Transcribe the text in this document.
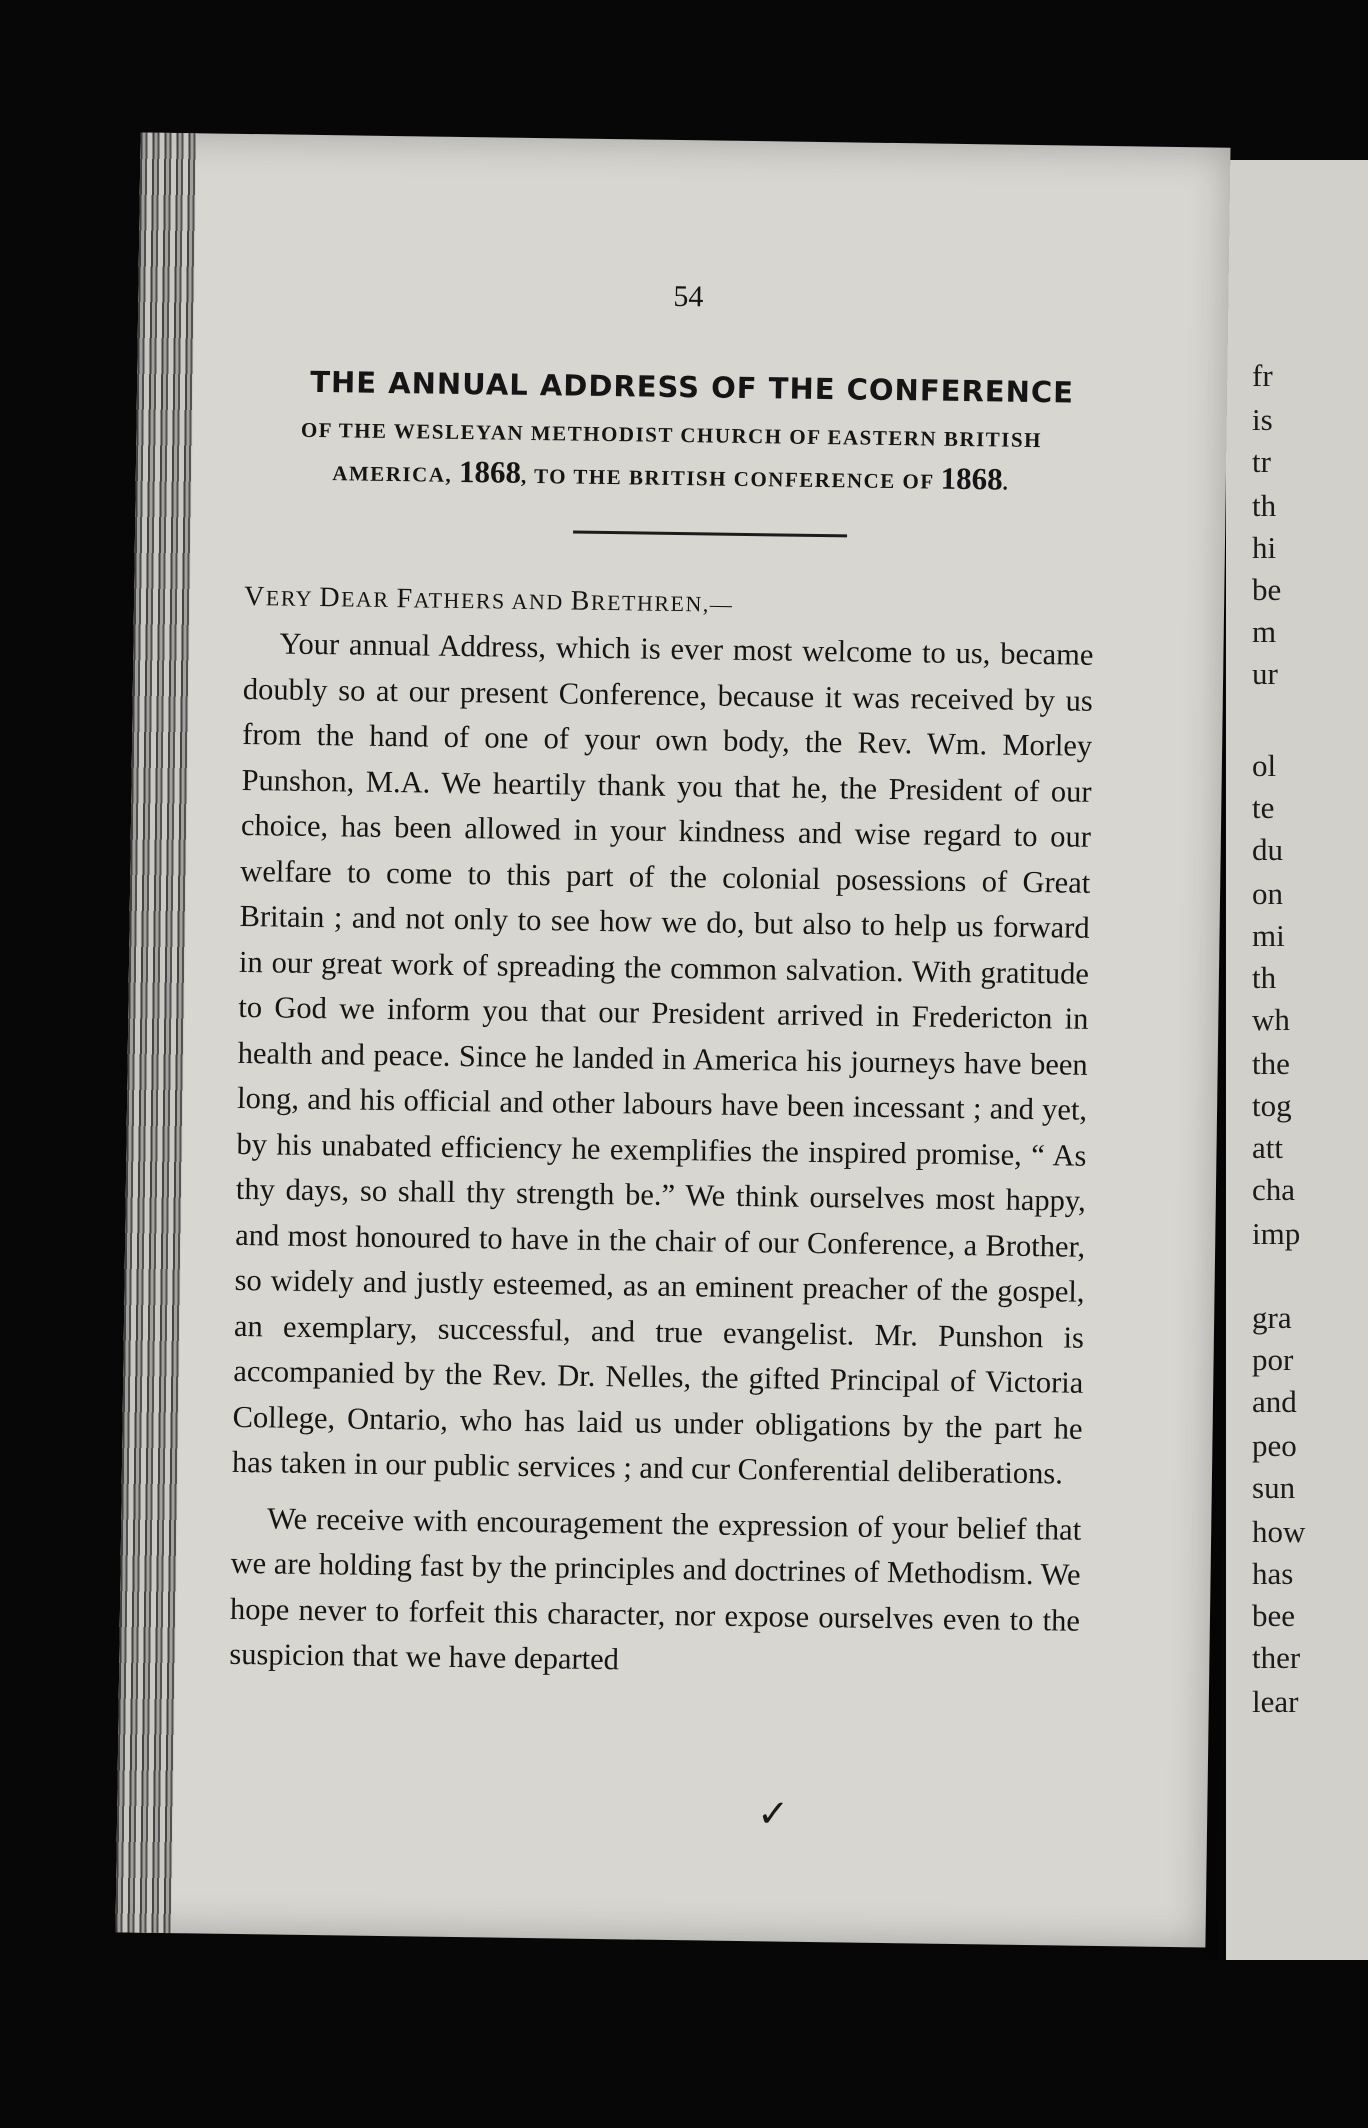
fr
is
tr
th
hi
be
m
ur
ol
te
du
on
mi
th
wh
the
tog
att
cha
imp
gra
por
and
peo
sun
how
has
bee
ther
lear
54
THE ANNUAL ADDRESS OF THE CONFERENCE
OF THE WESLEYAN METHODIST CHURCH OF EASTERN BRITISH
AMERICA, 1868, TO THE BRITISH CONFERENCE OF 1868.

VERY DEAR FATHERS AND BRETHREN,—

Your annual Address, which is ever most welcome to us, became doubly so at our present Conference, because it was received by us from the hand of one of your own body, the Rev. Wm. Morley Punshon, M.A. We heartily thank you that he, the President of our choice, has been allowed in your kindness and wise regard to our welfare to come to this part of the colonial posessions of Great Britain ; and not only to see how we do, but also to help us forward in our great work of spreading the common salvation. With gratitude to God we inform you that our President arrived in Fredericton in health and peace. Since he landed in America his journeys have been long, and his official and other labours have been incessant ; and yet, by his unabated efficiency he exemplifies the inspired promise, “ As thy days, so shall thy strength be.” We think ourselves most happy, and most honoured to have in the chair of our Conference, a Brother, so widely and justly esteemed, as an eminent preacher of the gospel, an exemplary, successful, and true evangelist. Mr. Punshon is accompanied by the Rev. Dr. Nelles, the gifted Principal of Victoria College, Ontario, who has laid us under obligations by the part he has taken in our public services ; and cur Conferential deliberations.

We receive with encouragement the expression of your belief that we are holding fast by the principles and doctrines of Methodism. We hope never to forfeit this character, nor expose ourselves even to the suspicion that we have departed

✓
